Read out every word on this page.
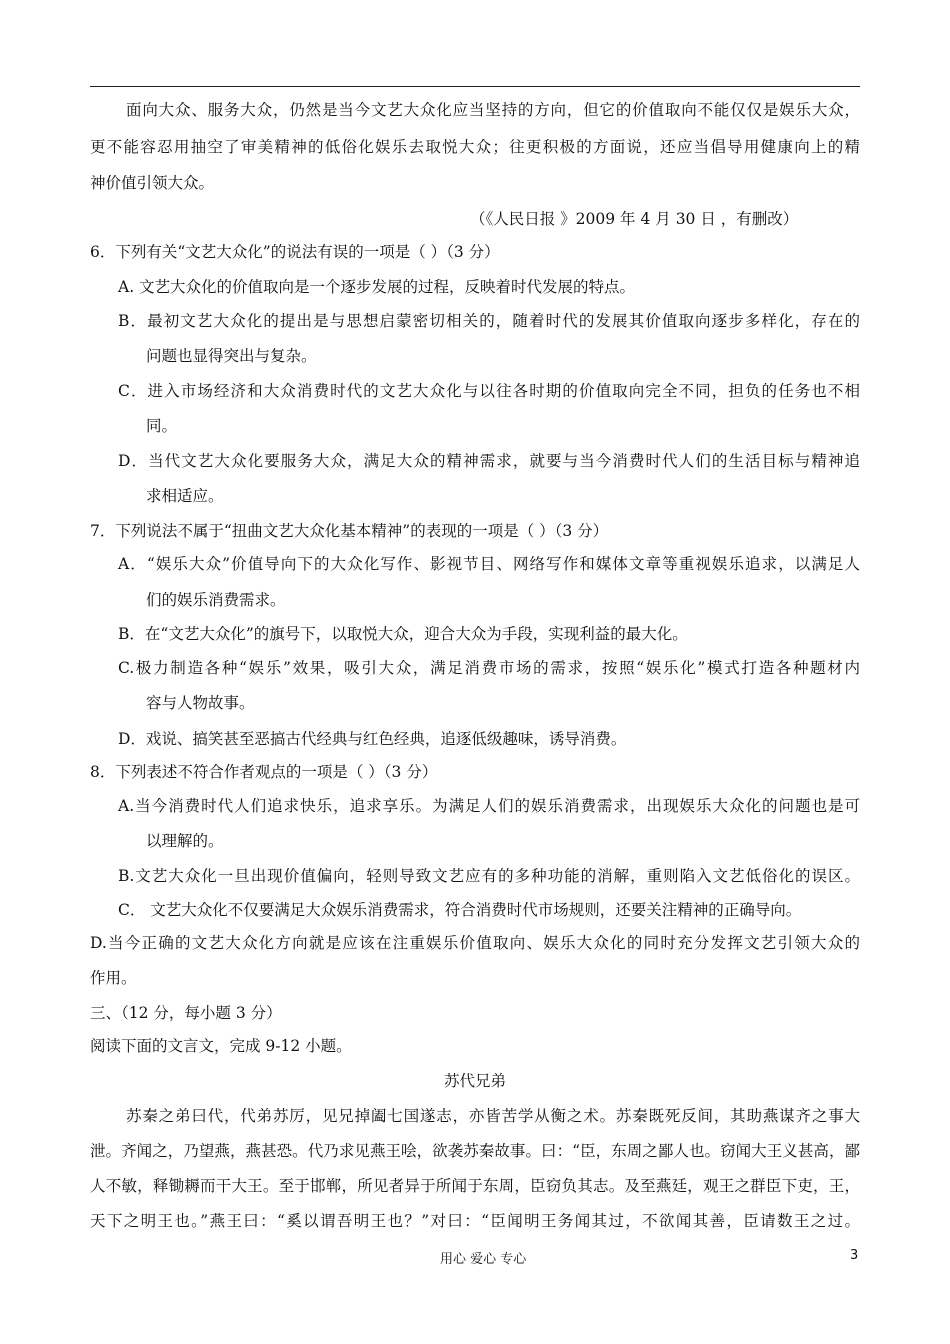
面向大众、服务大众，仍然是当今文艺大众化应当坚持的方向，但它的价值取向不能仅仅是娱乐大众，
更不能容忍用抽空了审美精神的低俗化娱乐去取悦大众；往更积极的方面说，还应当倡导用健康向上的精
神价值引领大众。
（《人民日报 》2009 年 4 月 30 日 ，有删改）
6．下列有关“文艺大众化”的说法有误的一项是（ ）（3 分）
A. 文艺大众化的价值取向是一个逐步发展的过程，反映着时代发展的特点。
B．最初文艺大众化的提出是与思想启蒙密切相关的，随着时代的发展其价值取向逐步多样化，存在的
问题也显得突出与复杂。
C．进入市场经济和大众消费时代的文艺大众化与以往各时期的价值取向完全不同，担负的任务也不相
同。
D．当代文艺大众化要服务大众，满足大众的精神需求，就要与当今消费时代人们的生活目标与精神追
求相适应。
7．下列说法不属于“扭曲文艺大众化基本精神”的表现的一项是（ ）（3 分）
A．“娱乐大众”价值导向下的大众化写作、影视节目、网络写作和媒体文章等重视娱乐追求，以满足人
们的娱乐消费需求。
B．在“文艺大众化”的旗号下，以取悦大众，迎合大众为手段，实现利益的最大化。
C.极力制造各种“娱乐”效果，吸引大众，满足消费市场的需求，按照“娱乐化”模式打造各种题材内
容与人物故事。
D．戏说、搞笑甚至恶搞古代经典与红色经典，追逐低级趣味，诱导消费。
8．下列表述不符合作者观点的一项是（ ）（3 分）
A.当今消费时代人们追求快乐，追求享乐。为满足人们的娱乐消费需求，出现娱乐大众化的问题也是可
以理解的。
B.文艺大众化一旦出现价值偏向，轻则导致文艺应有的多种功能的消解，重则陷入文艺低俗化的误区。
C． 文艺大众化不仅要满足大众娱乐消费需求，符合消费时代市场规则，还要关注精神的正确导向。
D.当今正确的文艺大众化方向就是应该在注重娱乐价值取向、娱乐大众化的同时充分发挥文艺引领大众的
作用。
三、（12 分，每小题 3 分）
阅读下面的文言文，完成 9-12 小题。
苏代兄弟
苏秦之弟曰代，代弟苏厉，见兄掉阖七国遂志，亦皆苦学从衡之术。苏秦既死反间，其助燕谋齐之事大
泄。齐闻之，乃望燕，燕甚恐。代乃求见燕王哙，欲袭苏秦故事。曰：“臣，东周之鄙人也。窃闻大王义甚高，鄙
人不敏，释锄耨而干大王。至于邯郸，所见者异于所闻于东周，臣窃负其志。及至燕廷，观王之群臣下吏，王，
天下之明王也。”燕王曰：“奚以谓吾明王也？”对曰：“臣闻明王务闻其过，不欲闻其善，臣请数王之过。
用心 爱心 专心	3
